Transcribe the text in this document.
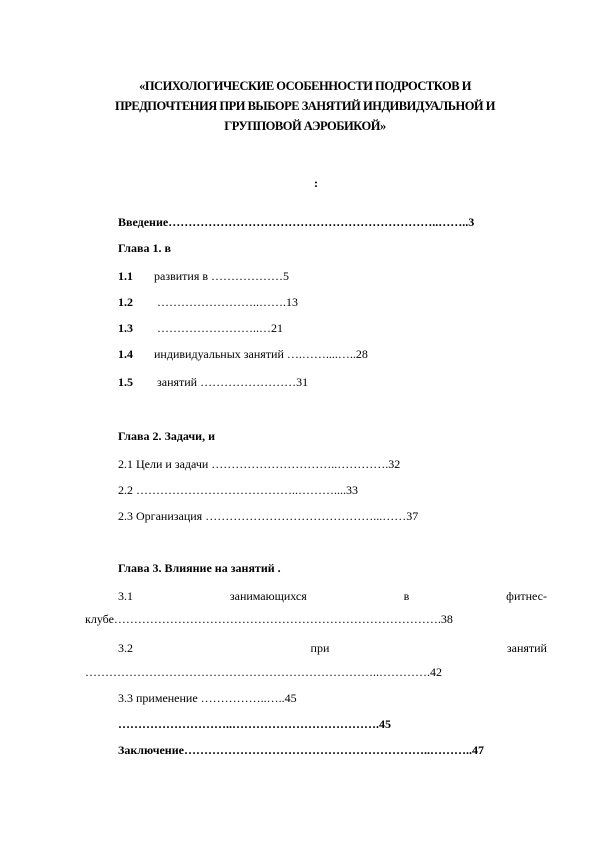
«ПСИХОЛОГИЧЕСКИЕ ОСОБЕННОСТИ ПОДРОСТКОВ И
ПРЕДПОЧТЕНИЯ ПРИ ВЫБОРЕ ЗАНЯТИЙ ИНДИВИДУАЛЬНОЙ И
ГРУППОВОЙ АЭРОБИКОЙ»
:
Введение…………………………………………………………..……..3
Глава 1. в
1.1 развития в ………………5
1.2 ……………………..…….13
1.3 ……………………..…21
1.4 индивидуальных занятий ….……....…..28
1.5 занятий ……………………31
Глава 2. Задачи, и
2.1 Цели и задачи …………………………..………….32
2.2 …………………………………..………....33
2.3 Организация ……………………………………...……37
Глава 3. Влияние на занятий .
3.1	занимающихся	в	фитнес-
клубе……………………………………………………………………….38
3.2	при	занятий
………………………………………………………………..………….42
3.3 применение ……………..…..45
………………………..……………………………….45
Заключение……………………………………………………..………..47
